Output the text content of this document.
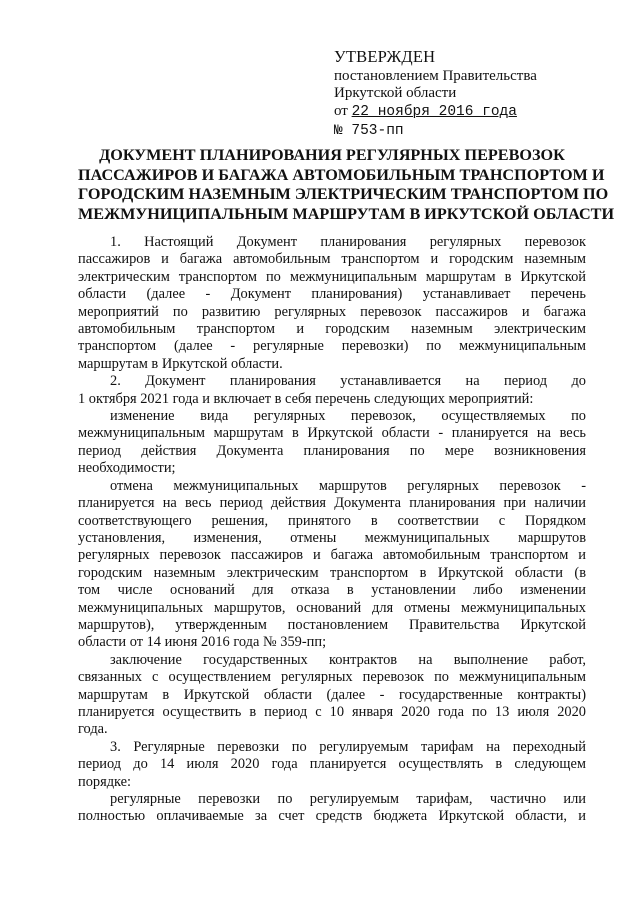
УТВЕРЖДЕН
постановлением Правительства
Иркутской области
от 22 ноября 2016 года
№ 753-пп
ДОКУМЕНТ ПЛАНИРОВАНИЯ РЕГУЛЯРНЫХ ПЕРЕВОЗОК
ПАССАЖИРОВ И БАГАЖА АВТОМОБИЛЬНЫМ ТРАНСПОРТОМ И
ГОРОДСКИМ НАЗЕМНЫМ ЭЛЕКТРИЧЕСКИМ ТРАНСПОРТОМ ПО
МЕЖМУНИЦИПАЛЬНЫМ МАРШРУТАМ В ИРКУТСКОЙ ОБЛАСТИ

1. Настоящий Документ планирования регулярных перевозок
пассажиров и багажа автомобильным транспортом и городским наземным
электрическим транспортом по межмуниципальным маршрутам в Иркутской
области (далее - Документ планирования) устанавливает перечень
мероприятий по развитию регулярных перевозок пассажиров и багажа
автомобильным транспортом и городским наземным электрическим
транспортом (далее - регулярные перевозки) по межмуниципальным
маршрутам в Иркутской области.

2. Документ планирования устанавливается на период до
1 октября 2021 года и включает в себя перечень следующих мероприятий:

изменение вида регулярных перевозок, осуществляемых по
межмуниципальным маршрутам в Иркутской области - планируется на весь
период действия Документа планирования по мере возникновения
необходимости;

отмена межмуниципальных маршрутов регулярных перевозок -
планируется на весь период действия Документа планирования при наличии
соответствующего решения, принятого в соответствии с Порядком
установления, изменения, отмены межмуниципальных маршрутов
регулярных перевозок пассажиров и багажа автомобильным транспортом и
городским наземным электрическим транспортом в Иркутской области (в
том числе оснований для отказа в установлении либо изменении
межмуниципальных маршрутов, оснований для отмены межмуниципальных
маршрутов), утвержденным постановлением Правительства Иркутской
области от 14 июня 2016 года № 359-пп;

заключение государственных контрактов на выполнение работ,
связанных с осуществлением регулярных перевозок по межмуниципальным
маршрутам в Иркутской области (далее - государственные контракты)
планируется осуществить в период с 10 января 2020 года по 13 июля 2020
года.

3. Регулярные перевозки по регулируемым тарифам на переходный
период до 14 июля 2020 года планируется осуществлять в следующем
порядке:

регулярные перевозки по регулируемым тарифам, частично или
полностью оплачиваемые за счет средств бюджета Иркутской области, и
